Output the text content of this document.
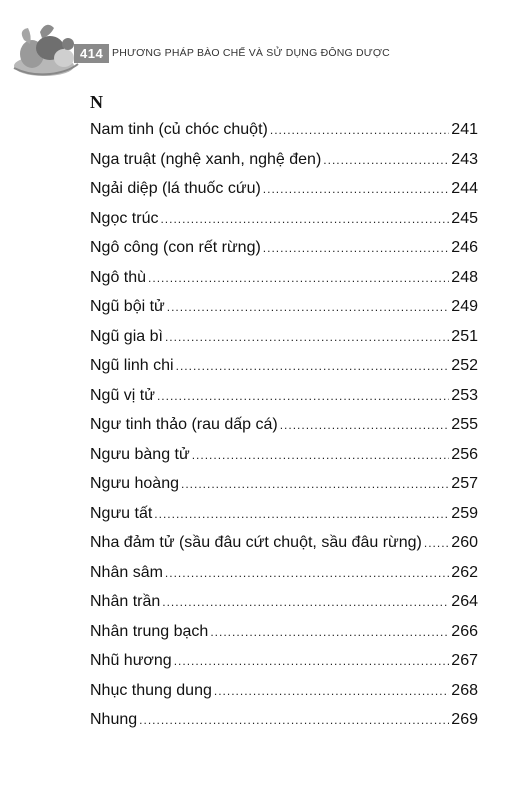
414 PHƯƠNG PHÁP BÀO CHẾ VÀ SỬ DỤNG ĐÔNG DƯỢC
N
Nam tinh (củ chóc chuột) .....	241
Nga truật (nghệ xanh, nghệ đen) .....	243
Ngải diệp (lá thuốc cứu) .....	244
Ngọc trúc .....	245
Ngô công (con rết rừng) .....	246
Ngô thù .....	248
Ngũ bội tử .....	249
Ngũ gia bì .....	251
Ngũ linh chi .....	252
Ngũ vị tử .....	253
Ngư tinh thảo (rau dấp cá) .....	255
Ngưu bàng tử .....	256
Ngưu hoàng .....	257
Ngưu tất .....	259
Nha đảm tử (sầu đâu cứt chuột, sầu đâu rừng) ..... 260
Nhân sâm .....	262
Nhân trần .....	264
Nhân trung bạch .....	266
Nhũ hương .....	267
Nhục thung dung .....	268
Nhung .....	269
